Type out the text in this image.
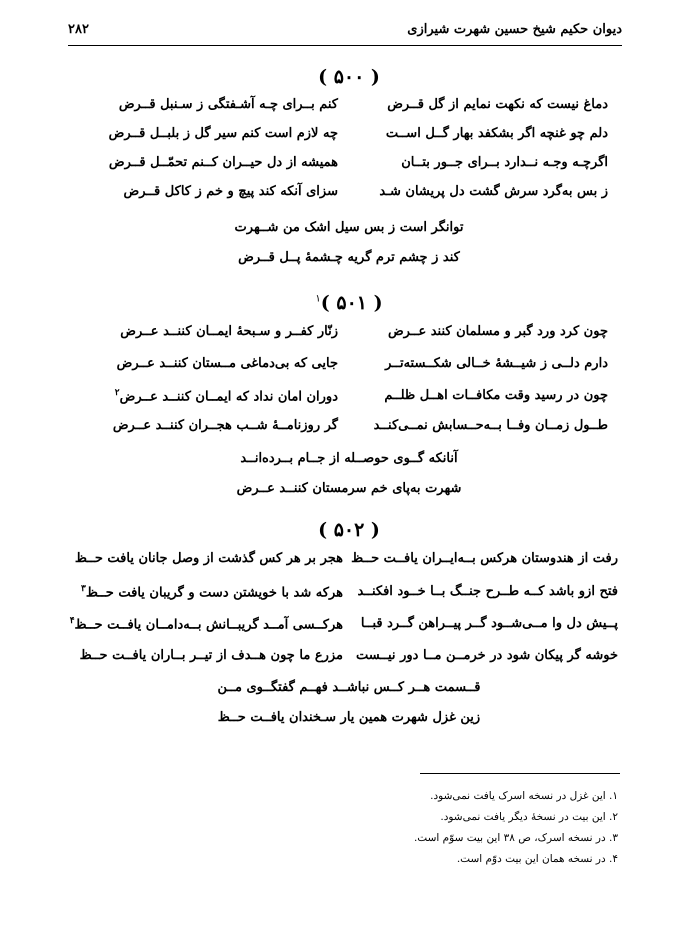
دیوان حکیم شیخ حسین شهرت شیرازی
۲۸۲
( ۵۰۰ )
دماغ نیست که نکهت نمایم از گل قــرض
کنم بــرای چـه آشـفتگی ز سـنبل قــرض
دلم چو غنچه اگر بشکفد بهار گــل اســت
چه لازم است کنم سیر گل ز بلبــل قــرض
اگرچـه وجـه نــدارد بــرای جــور بتــان
همیشه از دل حیــران کــنم تحمّــل قــرض
ز بس به‌گرد سرش گشت دل پریشان شـد
سزای آنکه کند پیچ و خم ز کاکل قــرض
توانگر است ز بس سیل اشک من شــهرت
کند ز چشم ترم گریه چـشمهٔ پــل قــرض
( ۵۰۱ )$^۱$
چون کرد ورد گبر و مسلمان کنند عــرض
زنّار کفــر و سـبحهٔ ایمــان کننــد عــرض
دارم دلــی ز شیــشهٔ خــالی شکــسته‌تــر
جایی که بی‌دماغی مــستان کننــد عــرض
چون در رسید وقت مکافــات اهــل ظلــم
دوران امان نداد که ایمــان کننــد عــرض$^۲$
طــول زمــان وفــا بــه‌حــسابش نمــی‌کنــد
گر روزنامــهٔ شــب هجــران کننــد عــرض
آنانکه گــوی حوصــله از جــام بــرده‌انــد
شهرت به‌پای خم سرمستان کننــد عــرض
( ۵۰۲ )
رفت از هندوستان هرکس بــه‌ایــران یافــت حــظ
هجر بر هر کس گذشت از وصل جانان یافت حــظ
فتح ازو باشد کــه طــرح جنــگ بــا خــود افکنــد
هرکه شد با خویشتن دست و گریبان یافت حــظ$^۳$
پــیش دل وا مــی‌شــود گــر پیــراهن گــرد قبــا
هرکــسی آمــد گریبــانش بــه‌دامــان یافــت حــظ$^۴$
خوشه گر پیکان شود در خرمــن مــا دور نیــست
مزرع ما چون هــدف از تیــر بــاران یافــت حــظ
قــسمت هــر کــس نباشــد فهــم گفتگــوی مــن
زین غزل شهرت همین یار سـخندان یافــت حــظ
۱. این غزل در نسخه اسرک یافت نمی‌شود.
۲. این بیت در نسخهٔ دیگر یافت نمی‌شود.
۳. در نسخه اسرک، ص ۳۸ این بیت سوّم است.
۴. در نسخه همان این بیت دوّم است.
